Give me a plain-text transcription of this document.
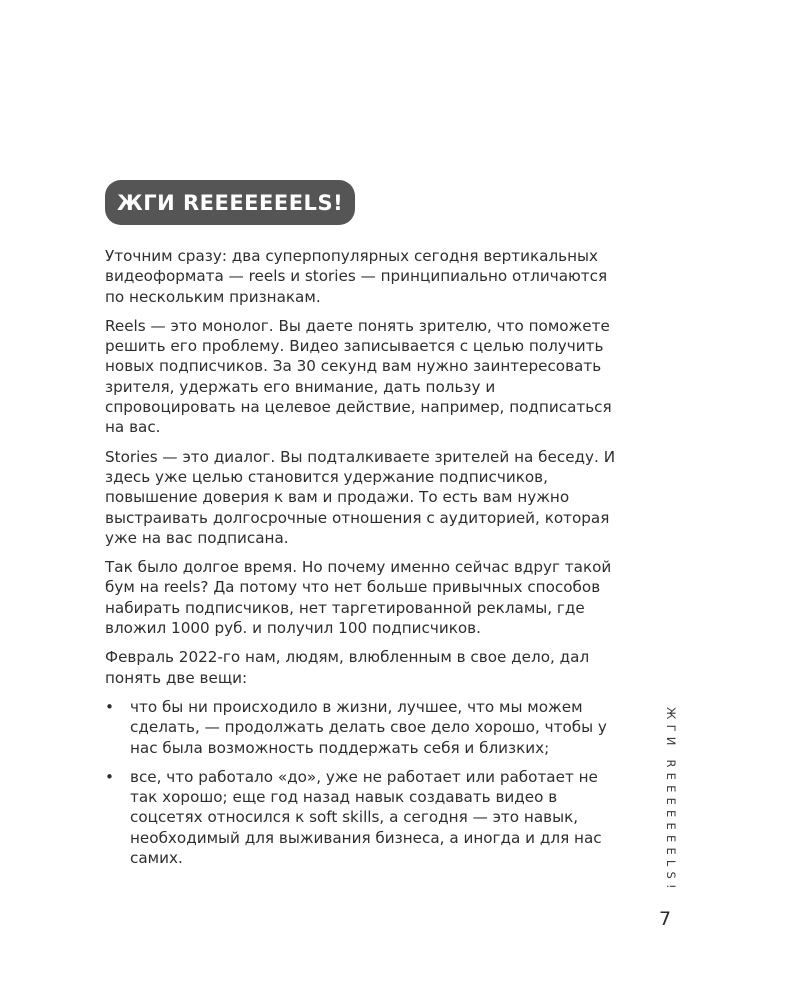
ЖГИ REEEEEEELS!

Уточним сразу: два суперпопулярных сегодня вертикальных видеоформата — reels и stories — принципиально отличаются по нескольким признакам.

Reels — это монолог. Вы даете понять зрителю, что поможете решить его проблему. Видео записывается с целью получить новых подписчиков. За 30 секунд вам нужно заинтересовать зрителя, удержать его внимание, дать пользу и спровоцировать на целевое действие, например, подписаться на вас.

Stories — это диалог. Вы подталкиваете зрителей на беседу. И здесь уже целью становится удержание подписчиков, повышение доверия к вам и продажи. То есть вам нужно выстраивать долгосрочные отношения с аудиторией, которая уже на вас подписана.

Так было долгое время. Но почему именно сейчас вдруг такой бум на reels? Да потому что нет больше привычных способов набирать подписчиков, нет таргетированной рекламы, где вложил 1000 руб. и получил 100 подписчиков.

Февраль 2022-го нам, людям, влюбленным в свое дело, дал понять две вещи:

• что бы ни происходило в жизни, лучшее, что мы можем сделать, — продолжать делать свое дело хорошо, чтобы у нас была возможность поддержать себя и близких;
• все, что работало «до», уже не работает или работает не так хорошо; еще год назад навык создавать видео в соцсетях относился к soft skills, а сегодня — это навык, необходимый для выживания бизнеса, а иногда и для нас самих.	ЖГИ REEEEEEELS!
7
